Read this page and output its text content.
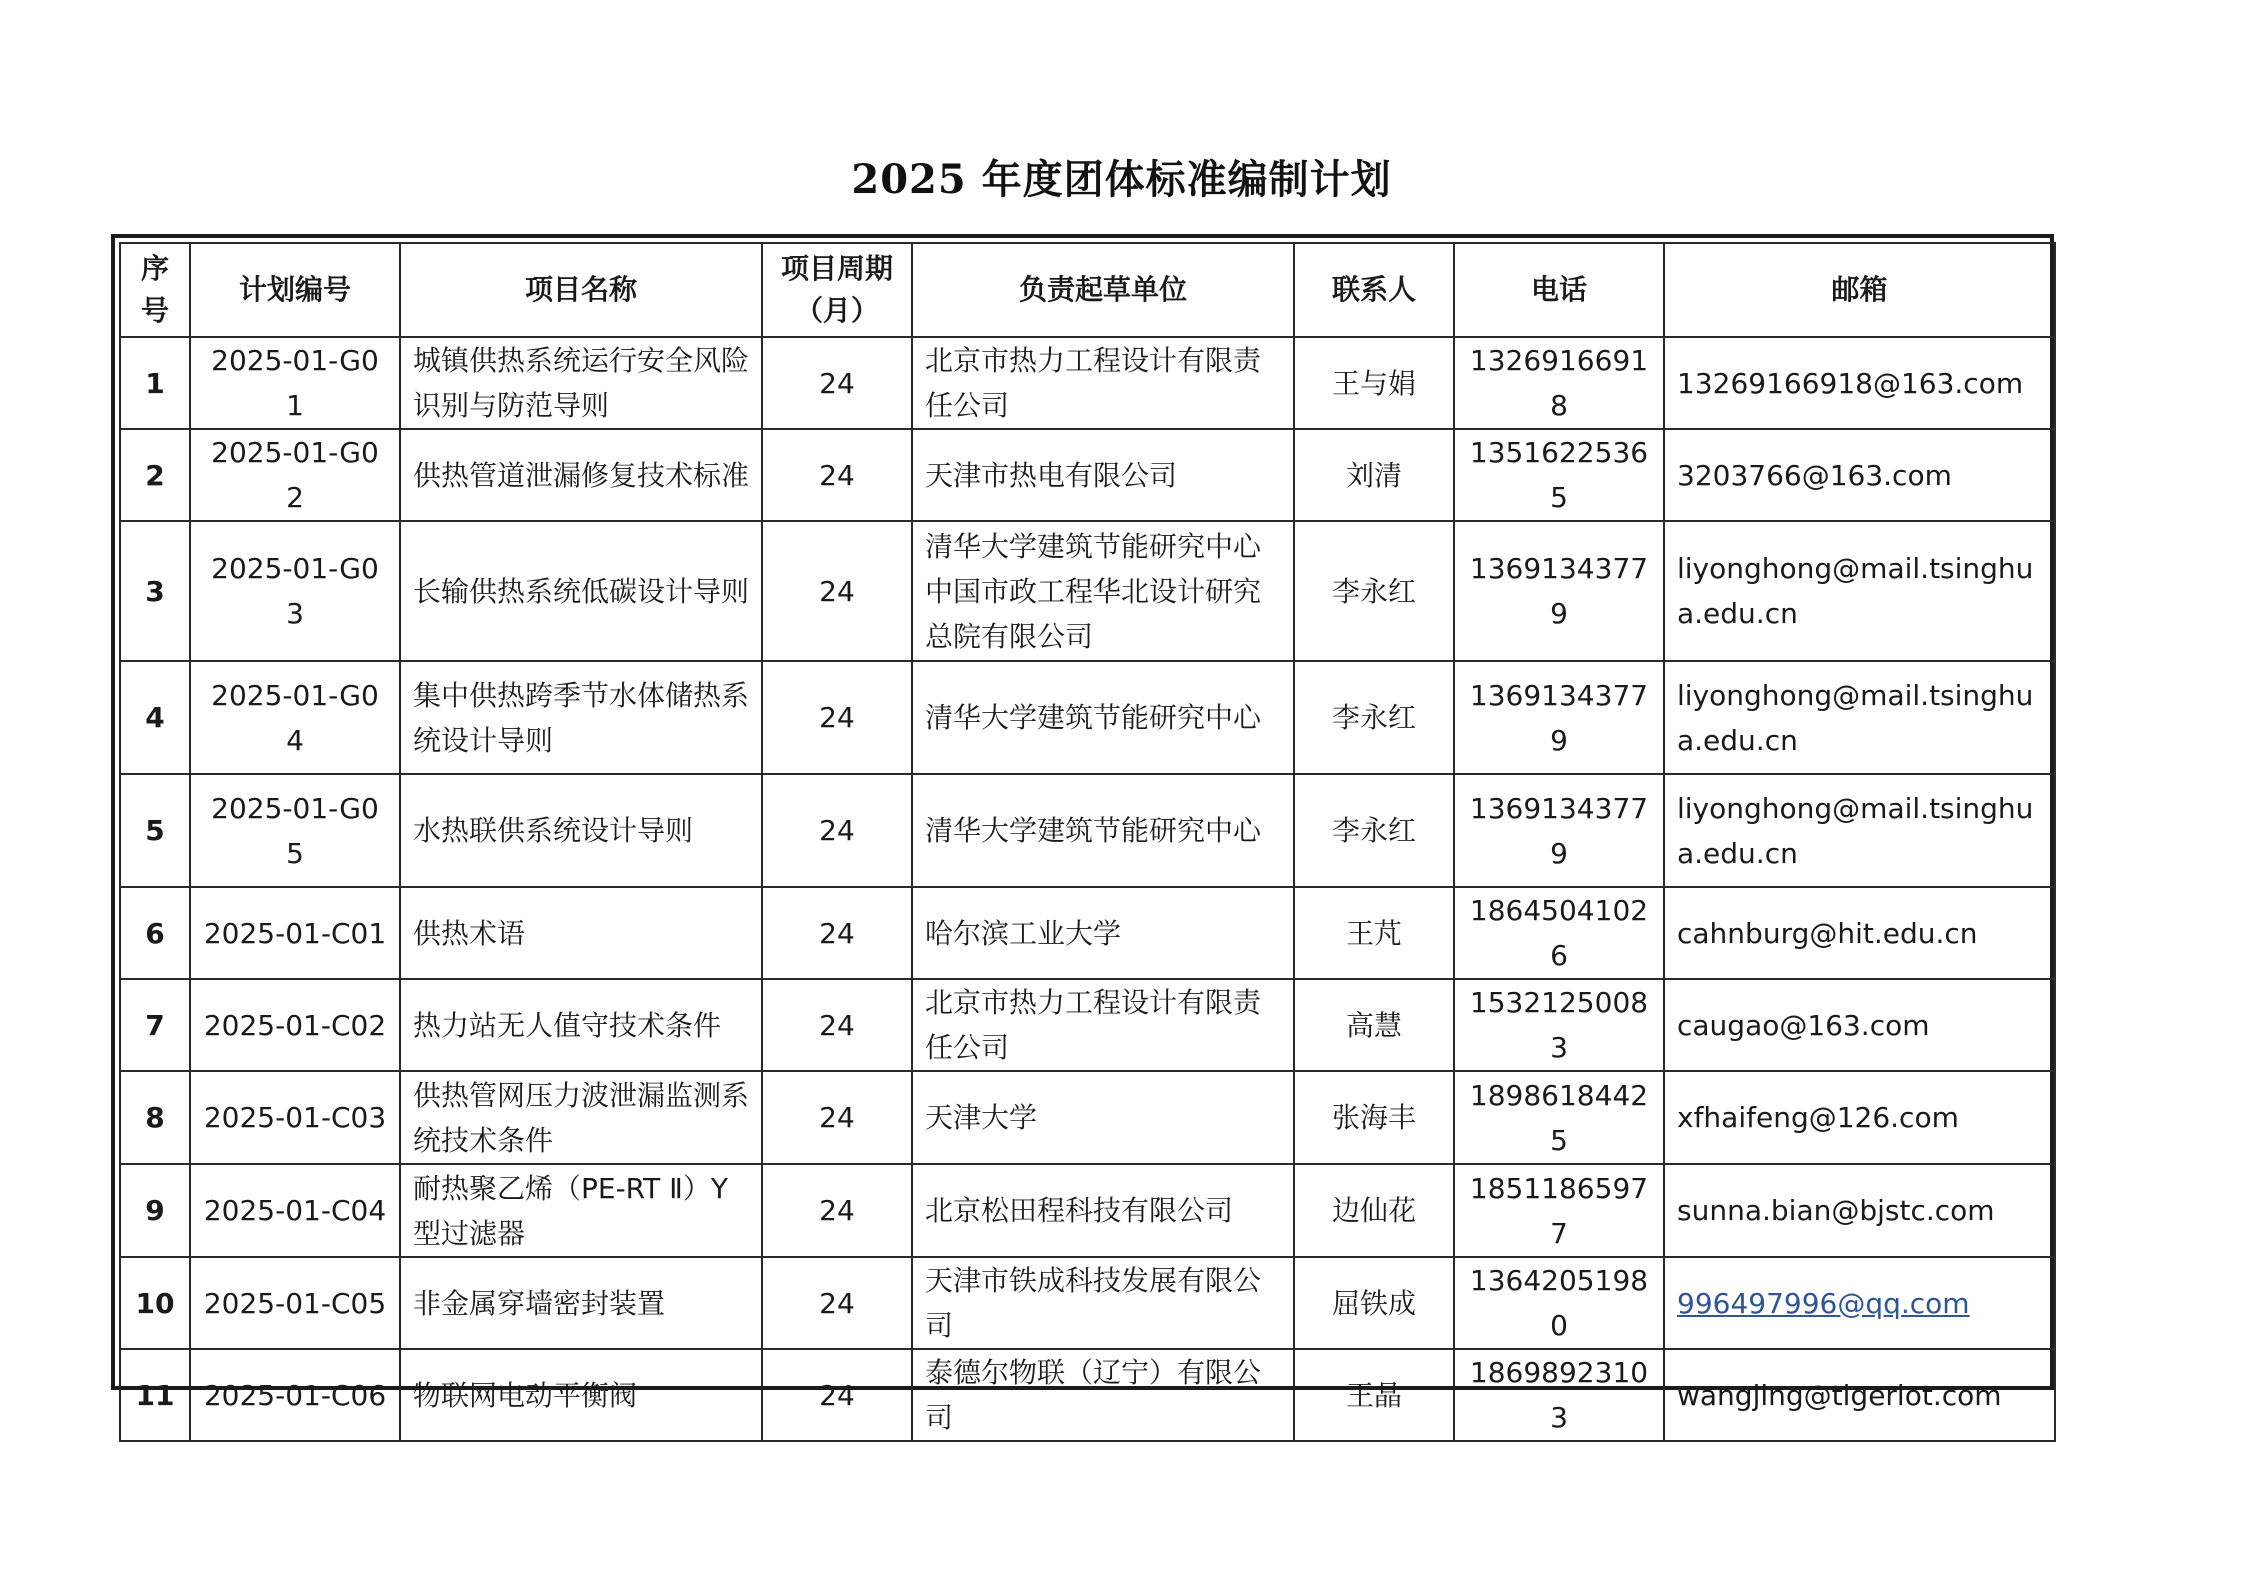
2025 年度团体标准编制计划
序号	计划编号	项目名称	项目周期（月）	负责起草单位	联系人	电话	邮箱
1	2025-01-G01	城镇供热系统运行安全风险识别与防范导则	24	北京市热力工程设计有限责任公司	王与娟	13269166918	13269166918@163.com
2	2025-01-G02	供热管道泄漏修复技术标准	24	天津市热电有限公司	刘清	13516225365	3203766@163.com
3	2025-01-G03	长输供热系统低碳设计导则	24	清华大学建筑节能研究中心 中国市政工程华北设计研究总院有限公司	李永红	13691343779	liyonghong@mail.tsinghua.edu.cn
4	2025-01-G04	集中供热跨季节水体储热系统设计导则	24	清华大学建筑节能研究中心	李永红	13691343779	liyonghong@mail.tsinghua.edu.cn
5	2025-01-G05	水热联供系统设计导则	24	清华大学建筑节能研究中心	李永红	13691343779	liyonghong@mail.tsinghua.edu.cn
6	2025-01-C01	供热术语	24	哈尔滨工业大学	王芃	18645041026	cahnburg@hit.edu.cn
7	2025-01-C02	热力站无人值守技术条件	24	北京市热力工程设计有限责任公司	高慧	15321250083	caugao@163.com
8	2025-01-C03	供热管网压力波泄漏监测系统技术条件	24	天津大学	张海丰	18986184425	xfhaifeng@126.com
9	2025-01-C04	耐热聚乙烯（PE-RT Ⅱ）Y型过滤器	24	北京松田程科技有限公司	边仙花	18511865977	sunna.bian@bjstc.com
10	2025-01-C05	非金属穿墙密封装置	24	天津市铁成科技发展有限公司	屈铁成	13642051980	996497996@qq.com
11	2025-01-C06	物联网电动平衡阀	24	泰德尔物联（辽宁）有限公司	王晶	18698923103	wangjing@tigeriot.com
